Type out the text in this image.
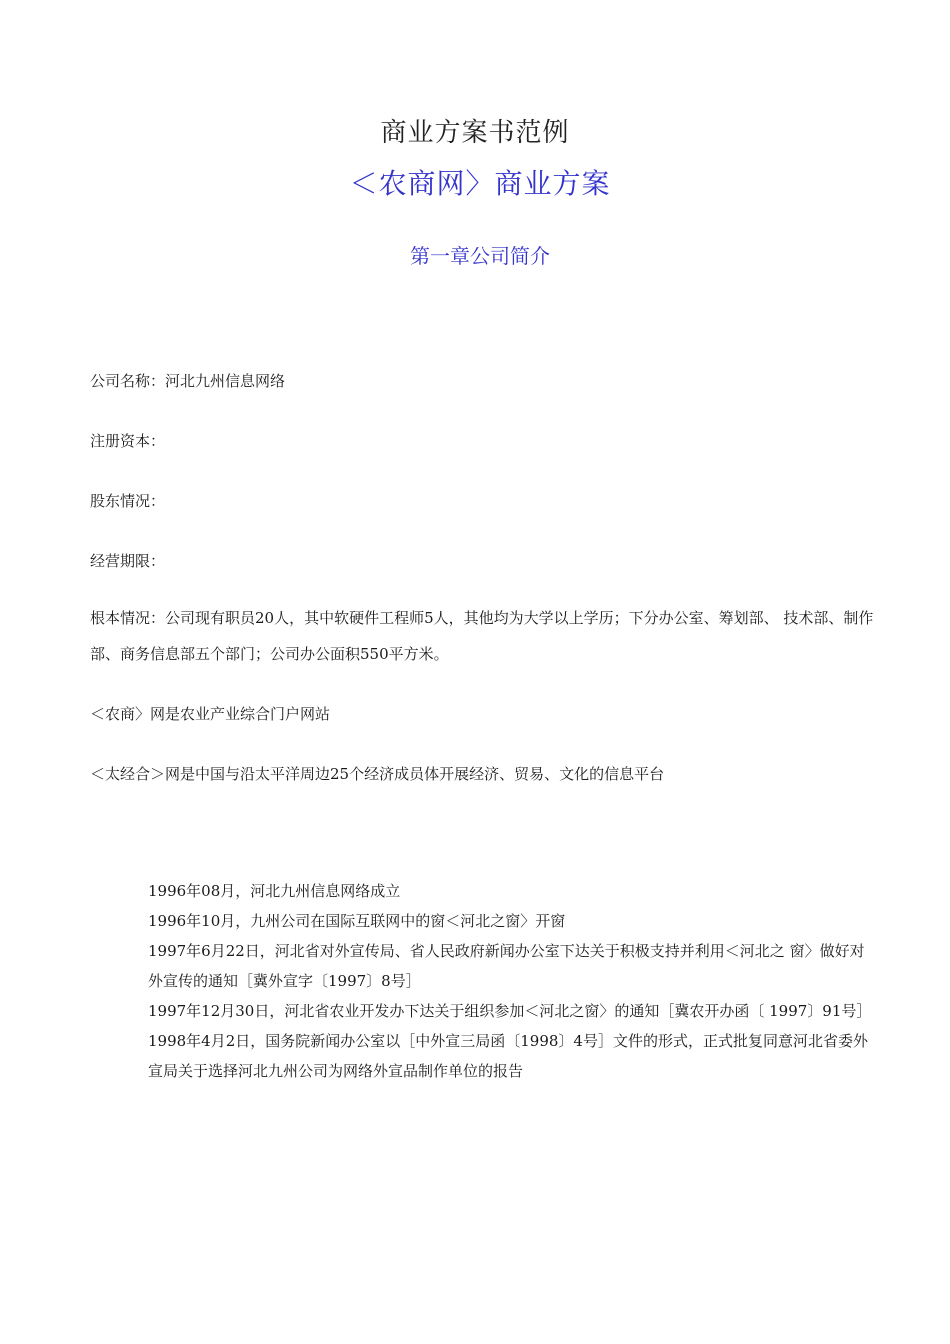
商业方案书范例
＜农商网〉商业方案
第一章公司简介
公司名称：河北九州信息网络
注册资本：
股东情况：
经营期限：
根本情况：公司现有职员20人，其中软硬件工程师5人，其他均为大学以上学历；下分办公室、筹划部、 技术部、制作部、商务信息部五个部门；公司办公面积550平方米。
＜农商〉网是农业产业综合门户网站
＜太经合＞网是中国与沿太平洋周边25个经济成员体开展经济、贸易、文化的信息平台

1996年08月，河北九州信息网络成立

1996年10月，九州公司在国际互联网中的窗＜河北之窗〉开窗

1997年6月22日，河北省对外宣传局、省人民政府新闻办公室下达关于积极支持并利用＜河北之 窗〉做好对外宣传的通知［冀外宣字〔1997〕8号］

1997年12月30日，河北省农业开发办下达关于组织参加＜河北之窗〉的通知［冀农开办函〔 1997〕91号］

1998年4月2日，国务院新闻办公室以［中外宣三局函〔1998〕4号］文件的形式，正式批复同意河北省委外宣局关于选择河北九州公司为网络外宣品制作单位的报告
